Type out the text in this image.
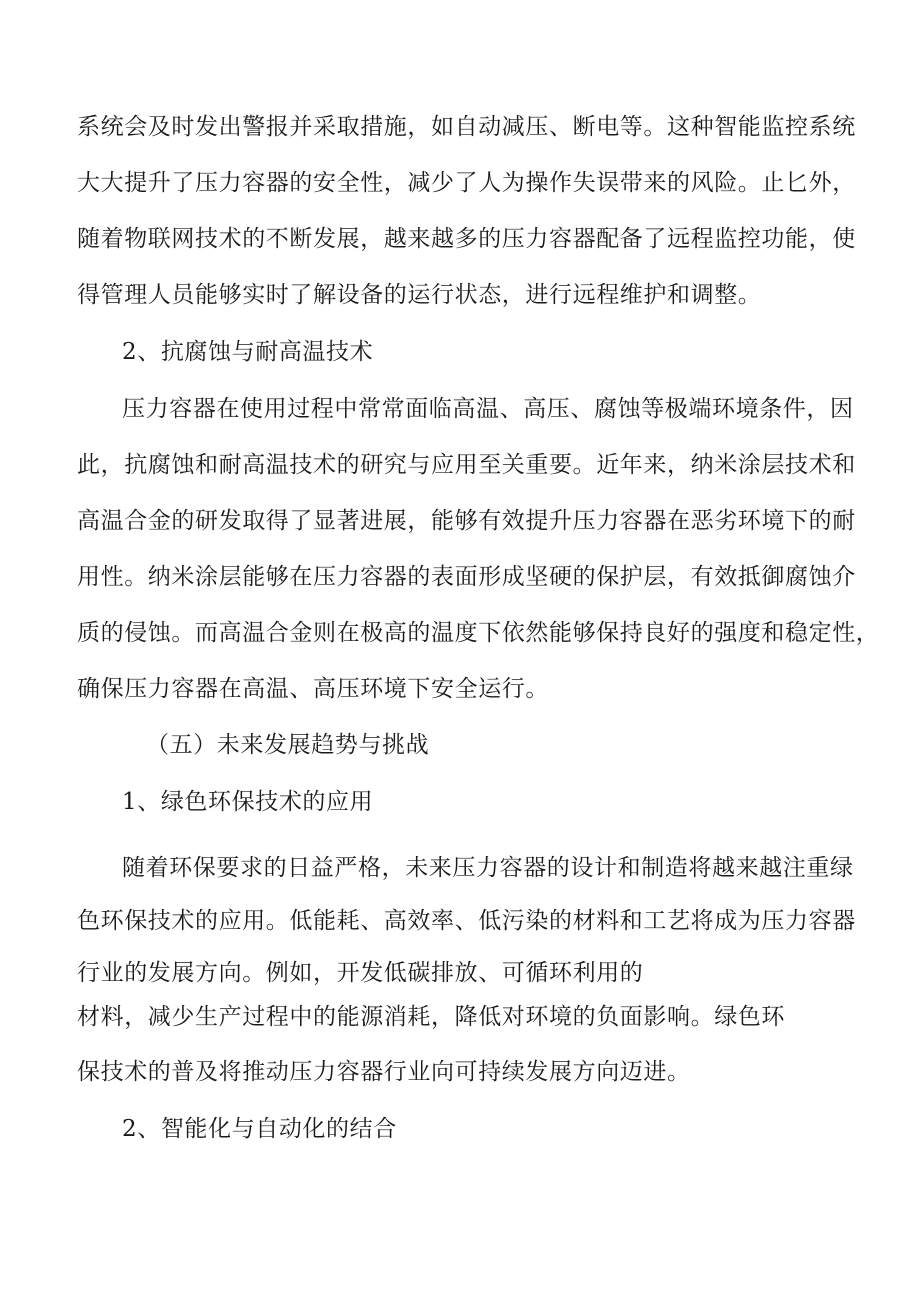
系统会及时发出警报并采取措施，如自动减压、断电等。这种智能监控系统
大大提升了压力容器的安全性，减少了人为操作失误带来的风险。止匕外，
随着物联网技术的不断发展，越来越多的压力容器配备了远程监控功能，使
得管理人员能够实时了解设备的运行状态，进行远程维护和调整。
2、抗腐蚀与耐高温技术
压力容器在使用过程中常常面临高温、高压、腐蚀等极端环境条件，因
此，抗腐蚀和耐高温技术的研究与应用至关重要。近年来，纳米涂层技术和
高温合金的研发取得了显著进展，能够有效提升压力容器在恶劣环境下的耐
用性。纳米涂层能够在压力容器的表面形成坚硬的保护层，有效抵御腐蚀介
质的侵蚀。而高温合金则在极高的温度下依然能够保持良好的强度和稳定性，
确保压力容器在高温、高压环境下安全运行。
（五）未来发展趋势与挑战
1、绿色环保技术的应用
随着环保要求的日益严格，未来压力容器的设计和制造将越来越注重绿
色环保技术的应用。低能耗、高效率、低污染的材料和工艺将成为压力容器
行业的发展方向。例如，开发低碳排放、可循环利用的
材料，减少生产过程中的能源消耗，降低对环境的负面影响。绿色环
保技术的普及将推动压力容器行业向可持续发展方向迈进。
2、智能化与自动化的结合
